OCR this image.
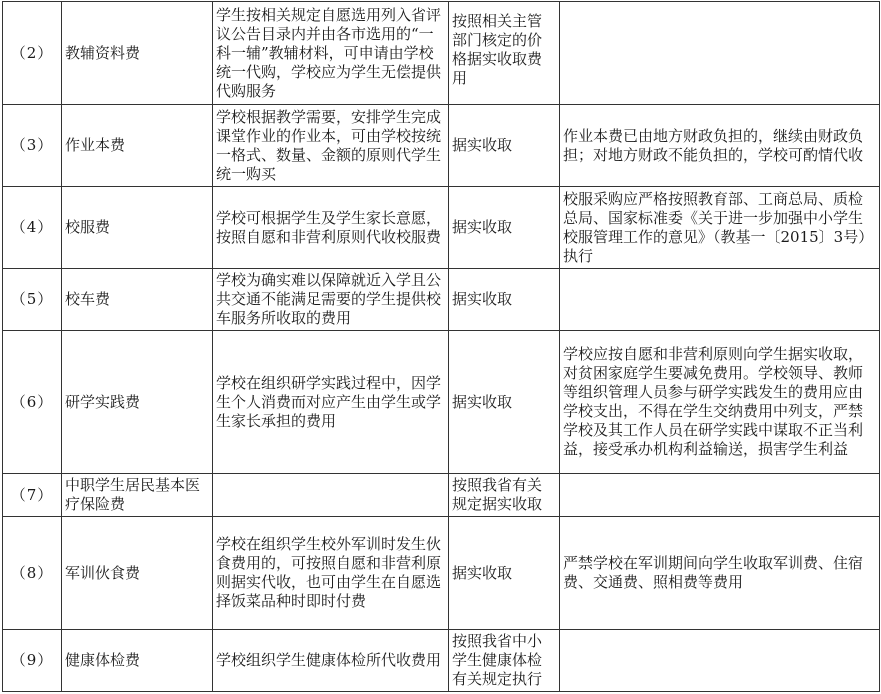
（2）	教辅资料费	学生按相关规定自愿选用列入省评议公告目录内并由各市选用的“一科一辅”教辅材料，可申请由学校统一代购，学校应为学生无偿提供代购服务	按照相关主管部门核定的价格据实收取费用	
（3）	作业本费	学校根据教学需要，安排学生完成课堂作业的作业本，可由学校按统一格式、数量、金额的原则代学生统一购买	据实收取	作业本费已由地方财政负担的，继续由财政负担；对地方财政不能负担的，学校可酌情代收
（4）	校服费	学校可根据学生及学生家长意愿，按照自愿和非营利原则代收校服费	据实收取	校服采购应严格按照教育部、工商总局、质检总局、国家标准委《关于进一步加强中小学生校服管理工作的意见》（教基一〔2015〕3号）执行
（5）	校车费	学校为确实难以保障就近入学且公共交通不能满足需要的学生提供校车服务所收取的费用	据实收取	
（6）	研学实践费	学校在组织研学实践过程中，因学生个人消费而对应产生由学生或学生家长承担的费用	据实收取	学校应按自愿和非营利原则向学生据实收取，对贫困家庭学生要减免费用。学校领导、教师等组织管理人员参与研学实践发生的费用应由学校支出，不得在学生交纳费用中列支，严禁学校及其工作人员在研学实践中谋取不正当利益，接受承办机构利益输送，损害学生利益
（7）	中职学生居民基本医疗保险费		按照我省有关规定据实收取	
（8）	军训伙食费	学校在组织学生校外军训时发生伙食费用的，可按照自愿和非营利原则据实代收，也可由学生在自愿选择饭菜品种时即时付费	据实收取	严禁学校在军训期间向学生收取军训费、住宿费、交通费、照相费等费用
（9）	健康体检费	学校组织学生健康体检所代收费用	按照我省中小学生健康体检有关规定执行	
